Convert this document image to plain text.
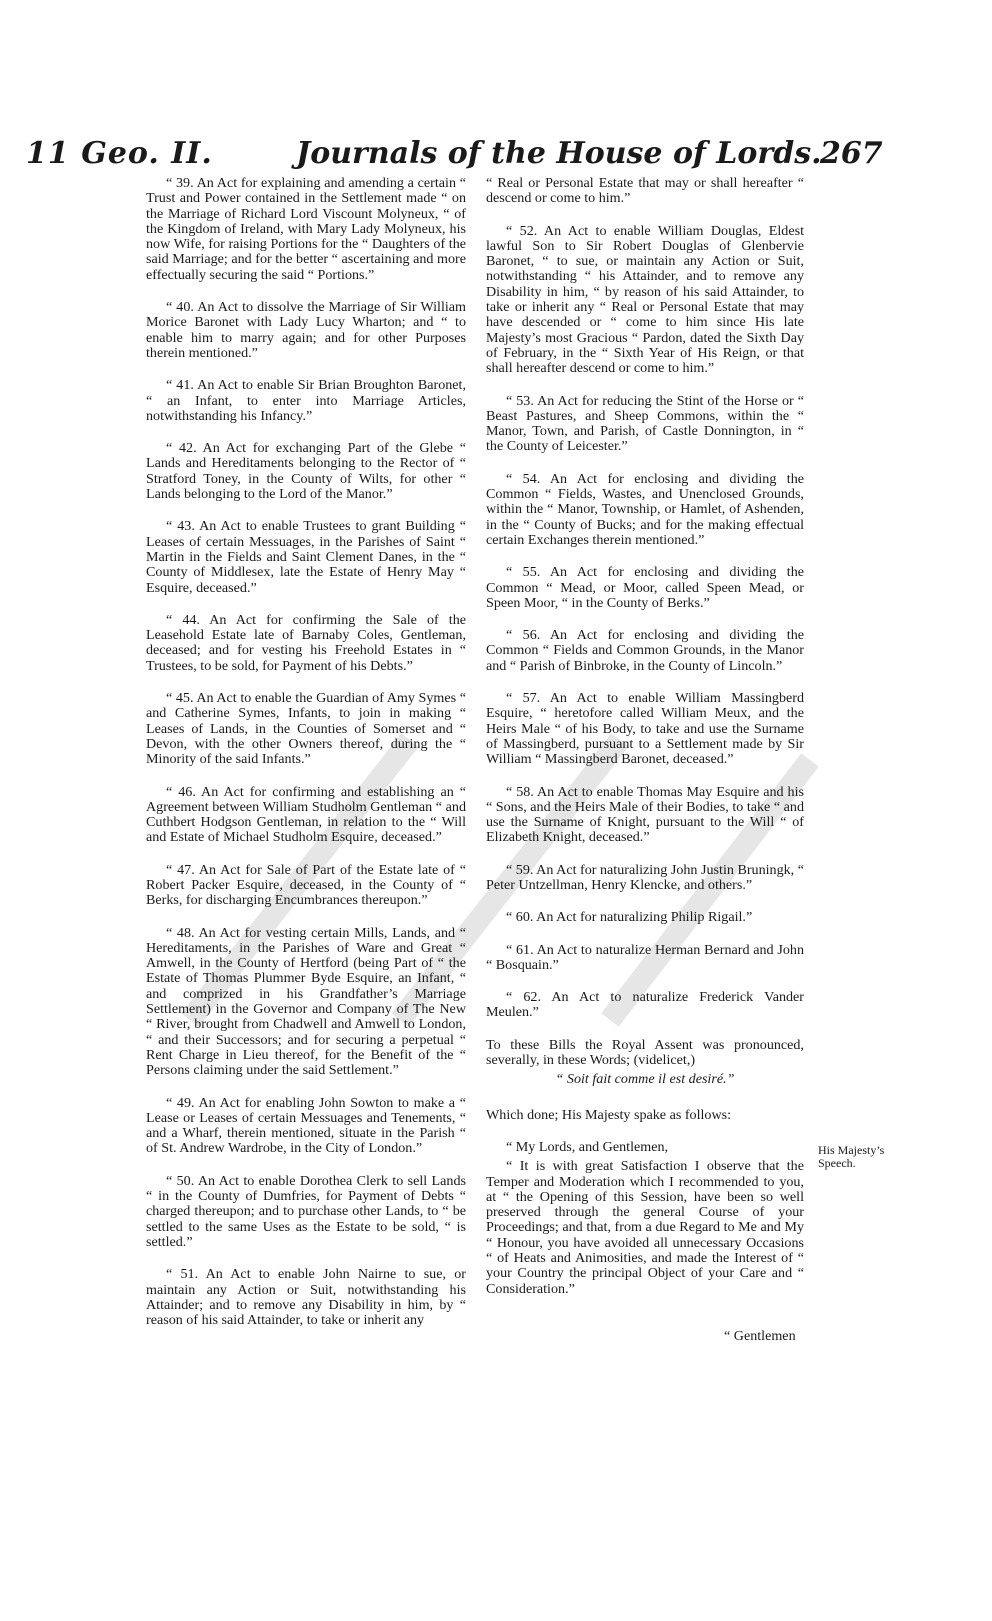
11 Geo. II.	Journals of the House of Lords.
267

“ 39. An Act for explaining and amending a certain “ Trust and Power contained in the Settlement made “ on the Marriage of Richard Lord Viscount Molyneux, “ of the Kingdom of Ireland, with Mary Lady Molyneux, his now Wife, for raising Portions for the “ Daughters of the said Marriage; and for the better “ ascertaining and more effectually securing the said “ Portions.”

“ 40. An Act to dissolve the Marriage of Sir William Morice Baronet with Lady Lucy Wharton; and “ to enable him to marry again; and for other Purposes therein mentioned.”

“ 41. An Act to enable Sir Brian Broughton Baronet, “ an Infant, to enter into Marriage Articles, notwithstanding his Infancy.”

“ 42. An Act for exchanging Part of the Glebe “ Lands and Hereditaments belonging to the Rector of “ Stratford Toney, in the County of Wilts, for other “ Lands belonging to the Lord of the Manor.”

“ 43. An Act to enable Trustees to grant Building “ Leases of certain Messuages, in the Parishes of Saint “ Martin in the Fields and Saint Clement Danes, in the “ County of Middlesex, late the Estate of Henry May “ Esquire, deceased.”

“ 44. An Act for confirming the Sale of the Leasehold Estate late of Barnaby Coles, Gentleman, deceased; and for vesting his Freehold Estates in “ Trustees, to be sold, for Payment of his Debts.”

“ 45. An Act to enable the Guardian of Amy Symes “ and Catherine Symes, Infants, to join in making “ Leases of Lands, in the Counties of Somerset and “ Devon, with the other Owners thereof, during the “ Minority of the said Infants.”

“ 46. An Act for confirming and establishing an “ Agreement between William Studholm Gentleman “ and Cuthbert Hodgson Gentleman, in relation to the “ Will and Estate of Michael Studholm Esquire, deceased.”

“ 47. An Act for Sale of Part of the Estate late of “ Robert Packer Esquire, deceased, in the County of “ Berks, for discharging Encumbrances thereupon.”

“ 48. An Act for vesting certain Mills, Lands, and “ Hereditaments, in the Parishes of Ware and Great “ Amwell, in the County of Hertford (being Part of “ the Estate of Thomas Plummer Byde Esquire, an Infant, “ and comprized in his Grandfather’s Marriage Settlement) in the Governor and Company of The New “ River, brought from Chadwell and Amwell to London, “ and their Successors; and for securing a perpetual “ Rent Charge in Lieu thereof, for the Benefit of the “ Persons claiming under the said Settlement.”

“ 49. An Act for enabling John Sowton to make a “ Lease or Leases of certain Messuages and Tenements, “ and a Wharf, therein mentioned, situate in the Parish “ of St. Andrew Wardrobe, in the City of London.”

“ 50. An Act to enable Dorothea Clerk to sell Lands “ in the County of Dumfries, for Payment of Debts “ charged thereupon; and to purchase other Lands, to “ be settled to the same Uses as the Estate to be sold, “ is settled.”

“ 51. An Act to enable John Nairne to sue, or maintain any Action or Suit, notwithstanding his Attainder; and to remove any Disability in him, by “ reason of his said Attainder, to take or inherit any

“ Real or Personal Estate that may or shall hereafter “ descend or come to him.”

“ 52. An Act to enable William Douglas, Eldest lawful Son to Sir Robert Douglas of Glenbervie Baronet, “ to sue, or maintain any Action or Suit, notwithstanding “ his Attainder, and to remove any Disability in him, “ by reason of his said Attainder, to take or inherit any “ Real or Personal Estate that may have descended or “ come to him since His late Majesty’s most Gracious “ Pardon, dated the Sixth Day of February, in the “ Sixth Year of His Reign, or that shall hereafter descend or come to him.”

“ 53. An Act for reducing the Stint of the Horse or “ Beast Pastures, and Sheep Commons, within the “ Manor, Town, and Parish, of Castle Donnington, in “ the County of Leicester.”

“ 54. An Act for enclosing and dividing the Common “ Fields, Wastes, and Unenclosed Grounds, within the “ Manor, Township, or Hamlet, of Ashenden, in the “ County of Bucks; and for the making effectual certain Exchanges therein mentioned.”

“ 55. An Act for enclosing and dividing the Common “ Mead, or Moor, called Speen Mead, or Speen Moor, “ in the County of Berks.”

“ 56. An Act for enclosing and dividing the Common “ Fields and Common Grounds, in the Manor and “ Parish of Binbroke, in the County of Lincoln.”

“ 57. An Act to enable William Massingberd Esquire, “ heretofore called William Meux, and the Heirs Male “ of his Body, to take and use the Surname of Massingberd, pursuant to a Settlement made by Sir William “ Massingberd Baronet, deceased.”

“ 58. An Act to enable Thomas May Esquire and his “ Sons, and the Heirs Male of their Bodies, to take “ and use the Surname of Knight, pursuant to the Will “ of Elizabeth Knight, deceased.”

“ 59. An Act for naturalizing John Justin Bruningk, “ Peter Untzellman, Henry Klencke, and others.”

“ 60. An Act for naturalizing Philip Rigail.”

“ 61. An Act to naturalize Herman Bernard and John “ Bosquain.”

“ 62. An Act to naturalize Frederick Vander Meulen.”

To these Bills the Royal Assent was pronounced, severally, in these Words; (videlicet,)

“ Soit fait comme il est desiré.”

Which done; His Majesty spake as follows:

“ My Lords, and Gentlemen,

“ It is with great Satisfaction I observe that the Temper and Moderation which I recommended to you, at “ the Opening of this Session, have been so well preserved through the general Course of your Proceedings; and that, from a due Regard to Me and My “ Honour, you have avoided all unnecessary Occasions “ of Heats and Animosities, and made the Interest of “ your Country the principal Object of your Care and “ Consideration.”

His Majesty’s Speech.
“ Gentlemen
